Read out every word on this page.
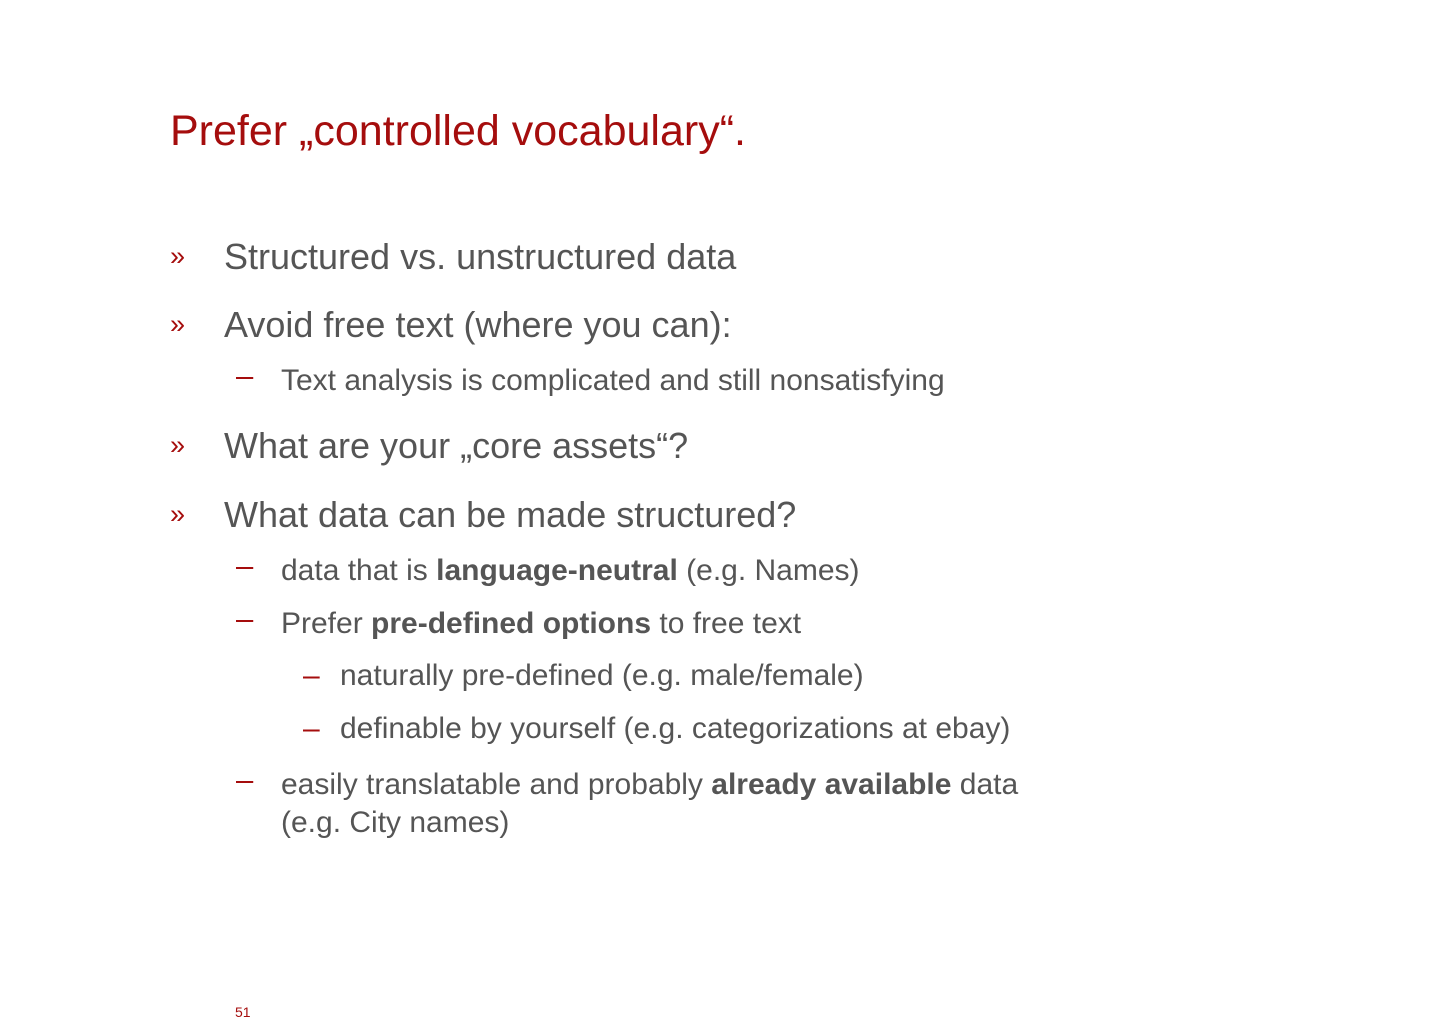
Prefer „controlled vocabulary“.
» Structured vs. unstructured data
» Avoid free text (where you can):
– Text analysis is complicated and still nonsatisfying
» What are your „core assets“?
» What data can be made structured?
– data that is language-neutral (e.g. Names)
– Prefer pre-defined options to free text
– naturally pre-defined (e.g. male/female)
– definable by yourself (e.g. categorizations at ebay)
– easily translatable and probably already available data
(e.g. City names)
51
